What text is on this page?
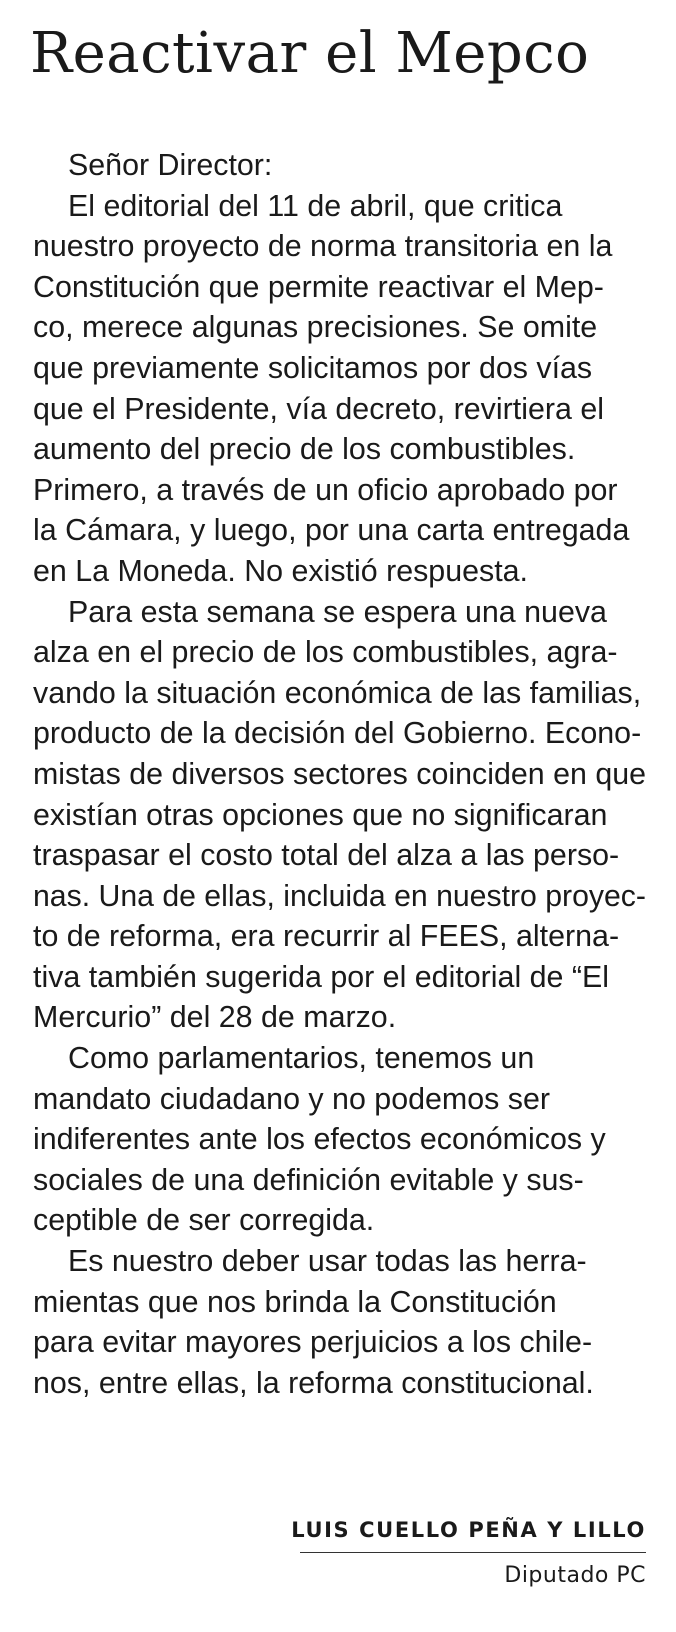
Reactivar el Mepco
Señor Director:
El editorial del 11 de abril, que critica
nuestro proyecto de norma transitoria en la
Constitución que permite reactivar el Mep-
co, merece algunas precisiones. Se omite
que previamente solicitamos por dos vías
que el Presidente, vía decreto, revirtiera el
aumento del precio de los combustibles.
Primero, a través de un oficio aprobado por
la Cámara, y luego, por una carta entregada
en La Moneda. No existió respuesta.
Para esta semana se espera una nueva
alza en el precio de los combustibles, agra-
vando la situación económica de las familias,
producto de la decisión del Gobierno. Econo-
mistas de diversos sectores coinciden en que
existían otras opciones que no significaran
traspasar el costo total del alza a las perso-
nas. Una de ellas, incluida en nuestro proyec-
to de reforma, era recurrir al FEES, alterna-
tiva también sugerida por el editorial de “El
Mercurio” del 28 de marzo.
Como parlamentarios, tenemos un
mandato ciudadano y no podemos ser
indiferentes ante los efectos económicos y
sociales de una definición evitable y sus-
ceptible de ser corregida.
Es nuestro deber usar todas las herra-
mientas que nos brinda la Constitución
para evitar mayores perjuicios a los chile-
nos, entre ellas, la reforma constitucional.
LUIS CUELLO PEÑA Y LILLO
Diputado PC
